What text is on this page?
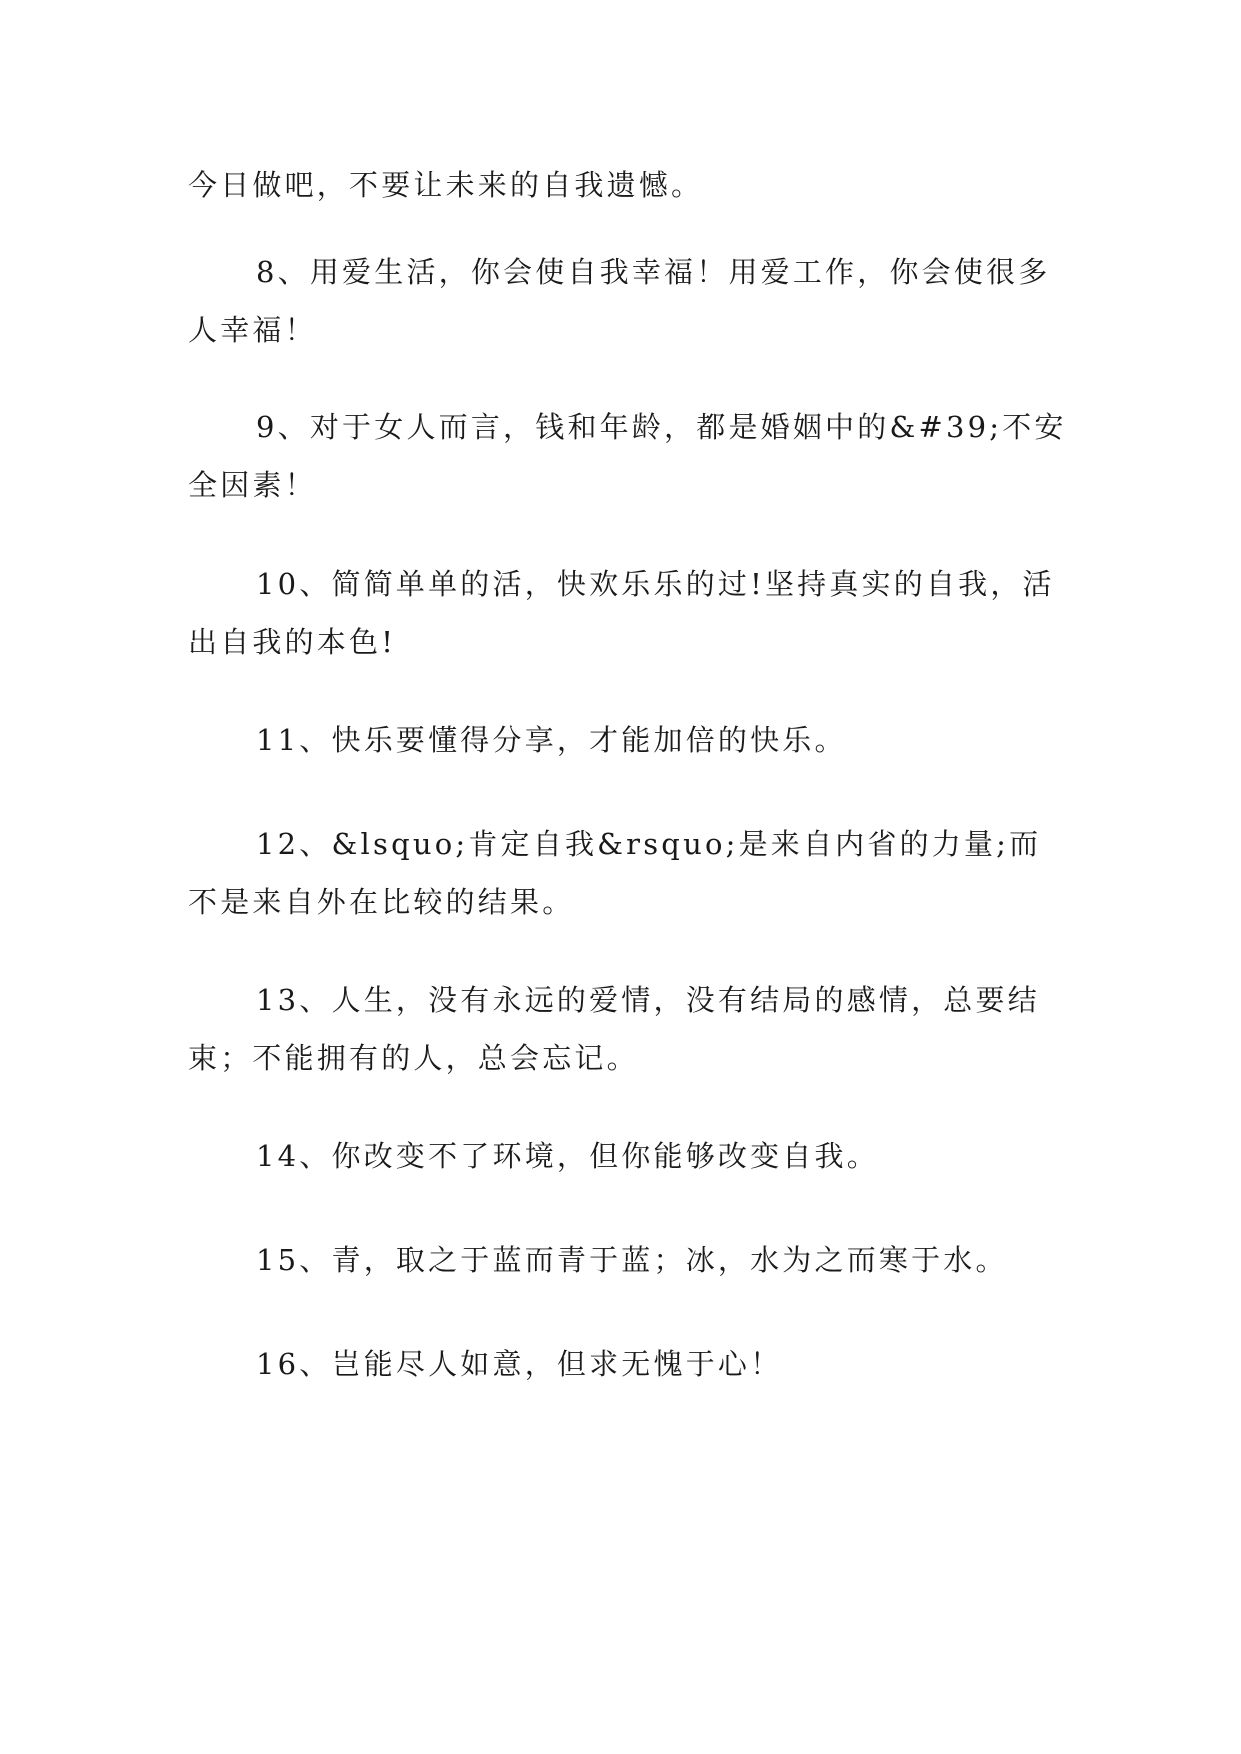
今日做吧，不要让未来的自我遗憾。

8、用爱生活，你会使自我幸福！用爱工作，你会使很多人幸福！

9、对于女人而言，钱和年龄，都是婚姻中的&#39;不安全因素！

10、简简单单的活，快欢乐乐的过!坚持真实的自我，活出自我的本色!

11、快乐要懂得分享，才能加倍的快乐。

12、&lsquo;肯定自我&rsquo;是来自内省的力量;而不是来自外在比较的结果。

13、人生，没有永远的爱情，没有结局的感情，总要结束；不能拥有的人，总会忘记。

14、你改变不了环境，但你能够改变自我。

15、青，取之于蓝而青于蓝；冰，水为之而寒于水。

16、岂能尽人如意，但求无愧于心！
